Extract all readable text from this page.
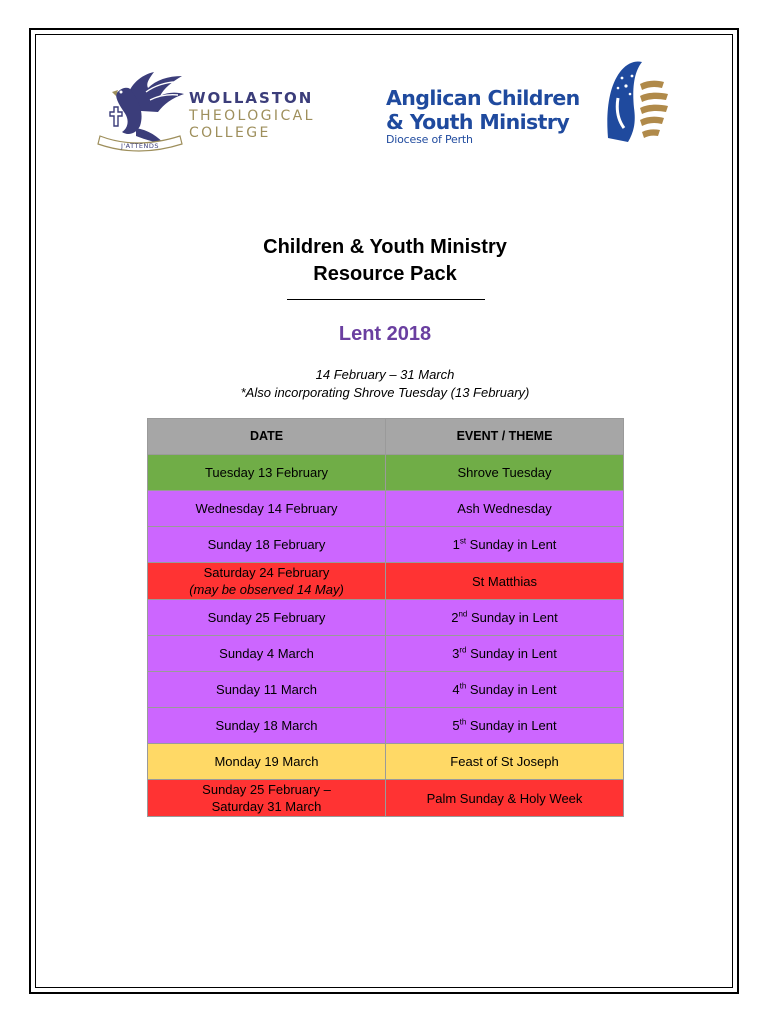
J'ATTENDS
WOLLASTON
THEOLOGICAL
COLLEGE
Anglican Children
& Youth Ministry
Diocese of Perth
Children & Youth Ministry
Resource Pack
Lent 2018
14 February – 31 March
*Also incorporating Shrove Tuesday (13 February)
DATE	EVENT / THEME

Tuesday 13 February	Shrove Tuesday

Wednesday 14 February	Ash Wednesday

Sunday 18 February	1st Sunday in Lent

Saturday 24 February
(may be observed 14 May)	St Matthias

Sunday 25 February	2nd Sunday in Lent

Sunday 4 March	3rd Sunday in Lent

Sunday 11 March	4th Sunday in Lent

Sunday 18 March	5th Sunday in Lent

Monday 19 March	Feast of St Joseph

Sunday 25 February –
Saturday 31 March	Palm Sunday & Holy Week
